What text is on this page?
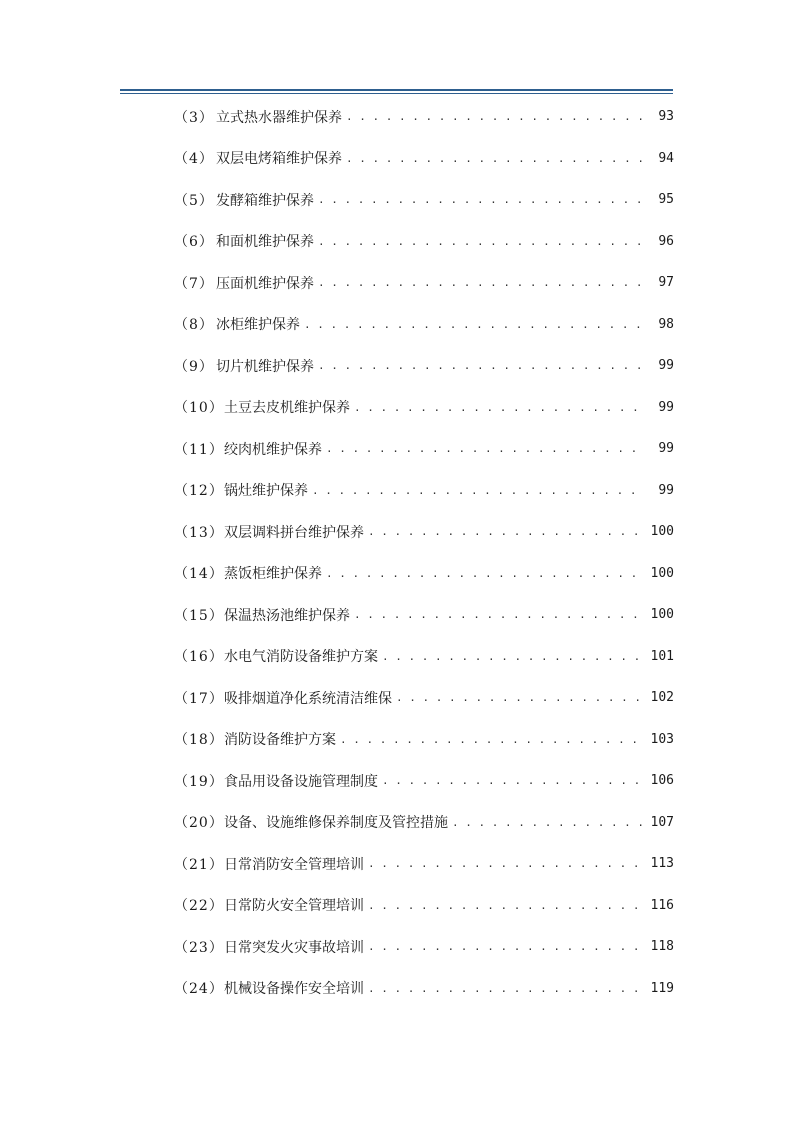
（3） 立式热水器维护保养 . . .	93
（4） 双层电烤箱维护保养 . . .	94
（5） 发酵箱维护保养 . . .	95
（6） 和面机维护保养 . . .	96
（7） 压面机维护保养 . . .	97
（8） 冰柜维护保养 . . .	98
（9） 切片机维护保养 . . .	99
（10） 土豆去皮机维护保养 . . .	99
（11） 绞肉机维护保养 . . .	99
（12） 锅灶维护保养 . . .	99
（13） 双层调料拼台维护保养 . . .	100
（14） 蒸饭柜维护保养 . . .	100
（15） 保温热汤池维护保养 . . .	100
（16） 水电气消防设备维护方案 . . .	101
（17） 吸排烟道净化系统清洁维保 . . .	102
（18） 消防设备维护方案 . . .	103
（19） 食品用设备设施管理制度 . . .	106
（20） 设备、设施维修保养制度及管控措施 . . .	107
（21） 日常消防安全管理培训 . . .	113
（22） 日常防火安全管理培训 . . .	116
（23） 日常突发火灾事故培训 . . .	118
（24） 机械设备操作安全培训 . . .	119
